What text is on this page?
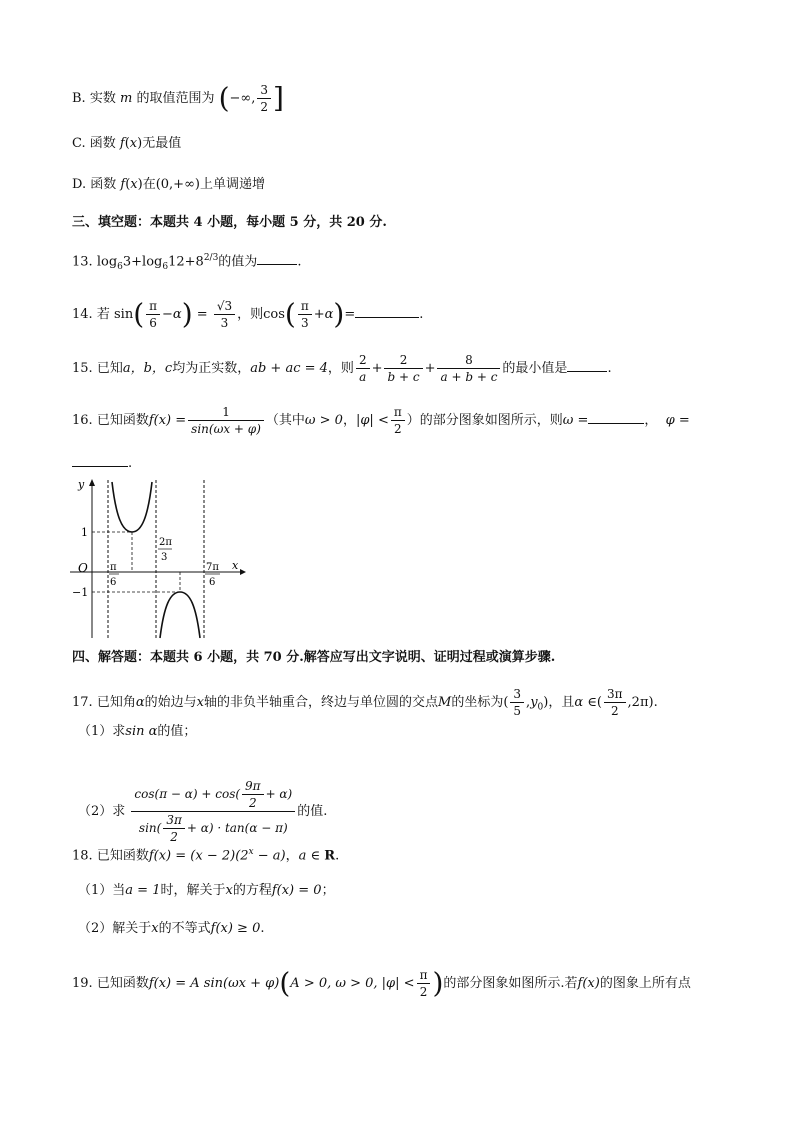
B. 实数 m 的取值范围为 (−∞, $\frac{3}{2}$ ]
C. 函数 f(x)无最值
D. 函数 f(x)在(0,+∞)上单调递增
三、填空题：本题共 4 小题，每小题 5 分，共 20 分.
13. $\log_63+\log_612+8^{2/3}$的值为	.
14. 若 $\sin( \frac{\pi}{6} -\alpha) = \frac{√3}{3}$ ，则$\cos( \frac{\pi}{3} +\alpha)=$	.
15. 已知a，b，c均为正实数，ab + ac = 4，则 $\frac{2}{a} + \frac{2}{b + c} + \frac{8}{a + b + c}$ 的最小值是	.
16. 已知函数$f(x) = \frac{1}{\sin(\omega x + \varphi)}$ （其中ω > 0，$|\varphi| < \frac{\pi}{2}$ ）的部分图象如图所示，则ω =	， φ =
.
y
x
O
1
−1
π
6
2π
3
7π
6
四、解答题：本题共 6 小题，共 70 分.解答应写出文字说明、证明过程或演算步骤.
17. 已知角α的始边与x轴的非负半轴重合，终边与单位圆的交点M的坐标为( $\frac{3}{5} ,y_0$)，且α ∈( $\frac{3\pi}{2} ,2\pi$).
（1）求sin α的值；
（2）求 $\frac{\cos(\pi - \alpha) + \cos( \frac{9\pi}{2} + \alpha)}{\sin( \frac{3\pi}{2} + \alpha) \cdot \tan(\alpha - \pi)}$ 的值.
18. 已知函数$f(x) = (x - 2)(2^x - a)$，a ∈ R.
（1）当a = 1时，解关于x的方程f(x) = 0；
（2）解关于x的不等式f(x) ≥ 0.
19. 已知函数f(x) = A sin(ωx + φ)(A > 0, ω > 0, $|\varphi| < \frac{\pi}{2}$ )的部分图象如图所示.若f(x)的图象上所有点
